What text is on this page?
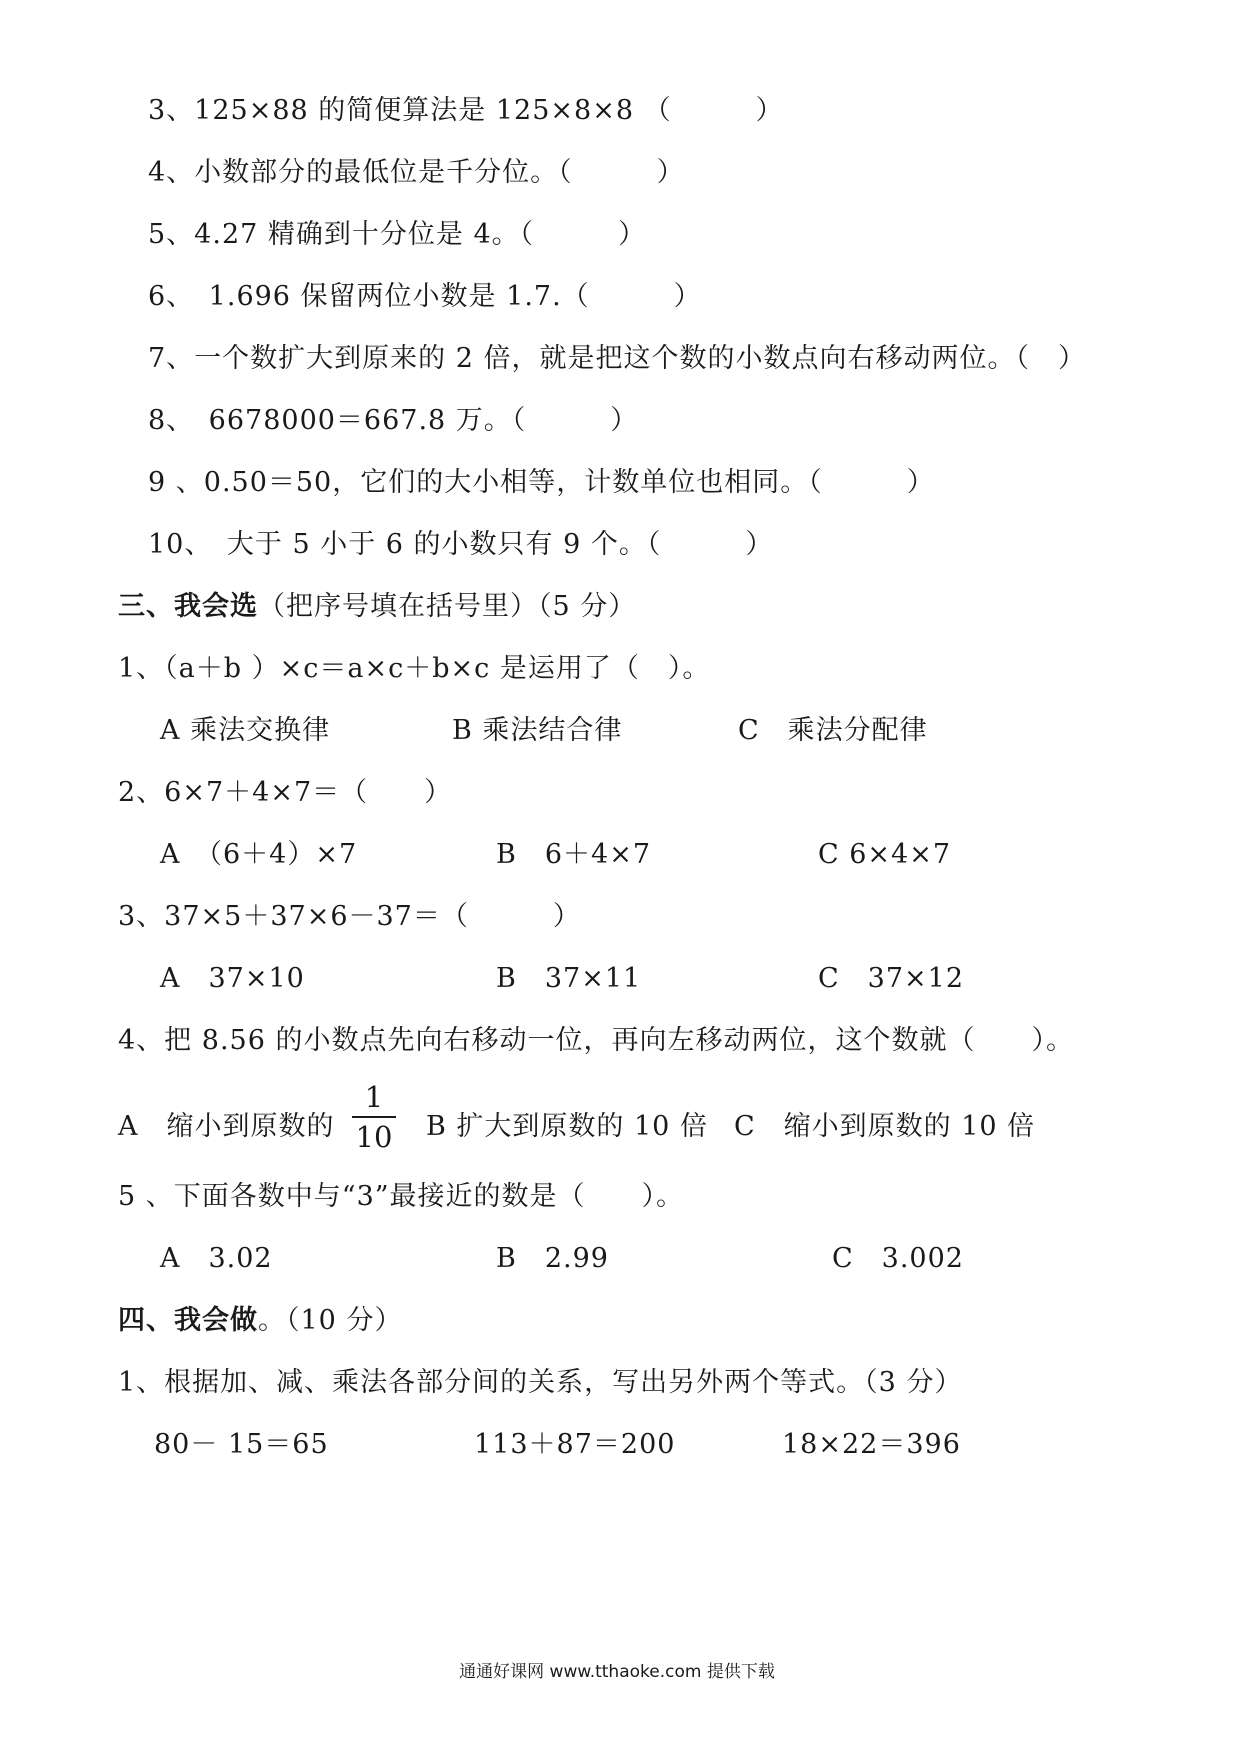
3、125×88 的简便算法是 125×8×8 （　　　）
4、小数部分的最低位是千分位。（　　　）
5、4.27 精确到十分位是 4。（　　　）
6、　1.696 保留两位小数是 1.7.（　　　）
7、一个数扩大到原来的 2 倍，就是把这个数的小数点向右移动两位。（　）
8、　6678000＝667.8 万。（　　　）
9 、0.50＝50，它们的大小相等，计数单位也相同。（　　　）
10、　大于 5 小于 6 的小数只有 9 个。（　　　）
三、我会选（把序号填在括号里）（5 分）
1、（a＋b ）×c＝a×c＋b×c 是运用了（　）。
A 乘法交换律	B 乘法结合律	C　乘法分配律
2、6×7＋4×7＝（　　）
A　（6＋4）×7	B　6＋4×7	C 6×4×7
3、37×5＋37×6－37＝（　　　）
A　37×10	B　37×11	C　37×12
4、把 8.56 的小数点先向右移动一位，再向左移动两位，这个数就（　　）。
A　缩小到原数的
1
10 B 扩大到原数的 10 倍 C　缩小到原数的 10 倍
5 、下面各数中与“3”最接近的数是（　　）。
A　3.02	B　2.99	C　3.002
四、我会做。（10 分）
1、根据加、减、乘法各部分间的关系，写出另外两个等式。（3 分）
80－ 15＝65	113＋87＝200	18×22＝396
通通好课网 www.tthaoke.com 提供下载
